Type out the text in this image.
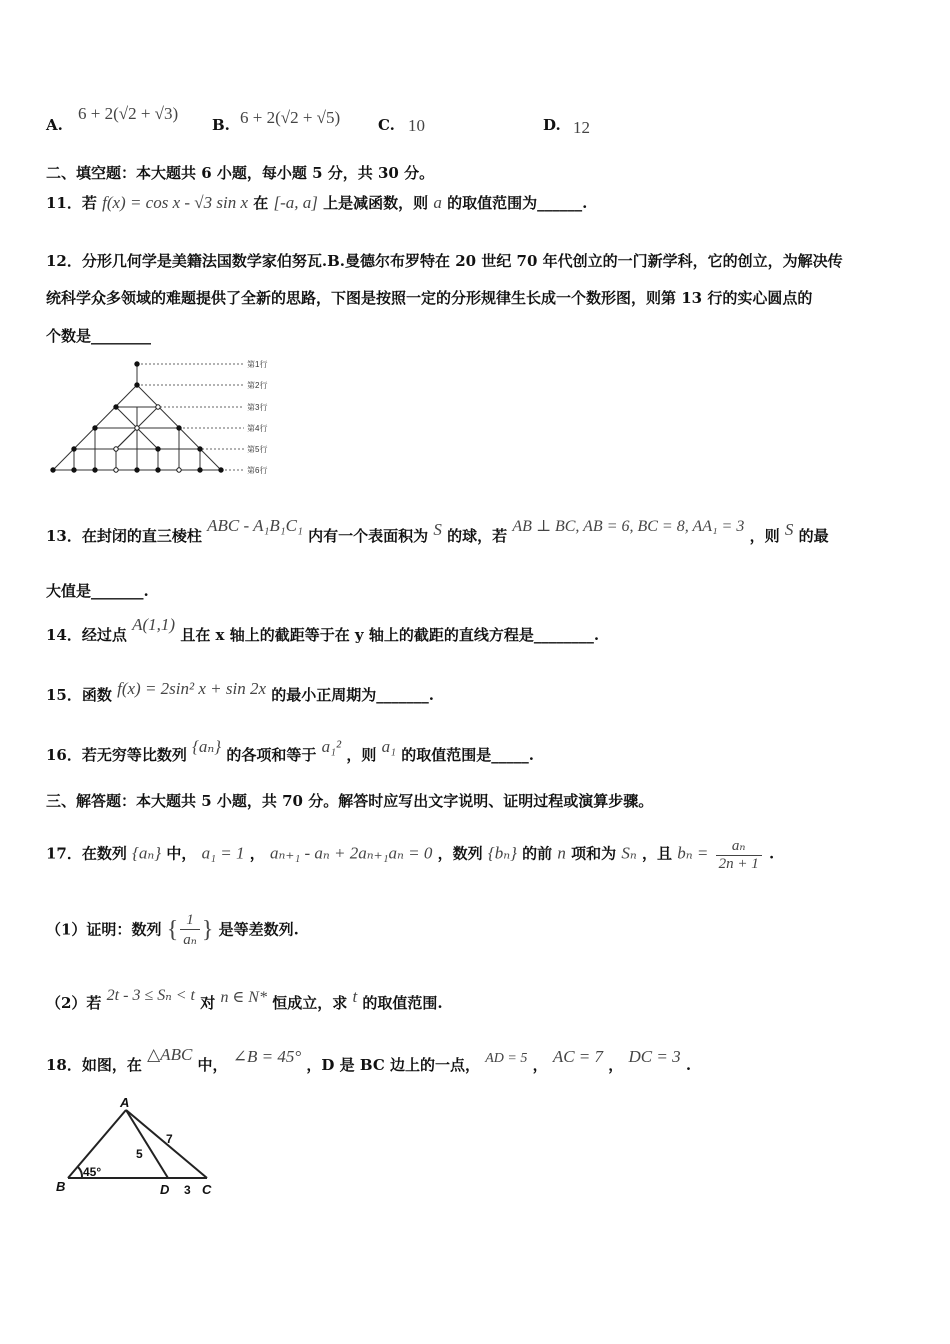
A.
6 + 2(√2 + √3)
B. 6 + 2(√2 + √5)	C. 10	D. 12
二、填空题：本大题共 6 小题，每小题 5 分，共 30 分。
11．若 f(x) = cos x - √3 sin x 在 [-a, a] 上是减函数，则 a 的取值范围为______.
12．分形几何学是美籍法国数学家伯努瓦.B.曼德尔布罗特在 20 世纪 70 年代创立的一门新学科，它的创立，为解决传
统科学众多领域的难题提供了全新的思路，下图是按照一定的分形规律生长成一个数形图，则第 13 行的实心圆点的
个数是________
第1行
第2行
第3行
第4行
第5行
第6行
13．在封闭的直三棱柱 ABC - A₁B₁C₁ 内有一个表面积为 S 的球，若 AB ⊥ BC, AB = 6, BC = 8, AA₁ = 3 ，则 S 的最
大值是_______.
14．经过点 A(1,1) 且在 x 轴上的截距等于在 y 轴上的截距的直线方程是________.
15．函数 f(x) = 2sin² x + sin 2x 的最小正周期为_______.
16．若无穷等比数列 {aₙ} 的各项和等于 a₁² ，则 a₁ 的取值范围是_____.
三、解答题：本大题共 5 小题，共 70 分。解答时应写出文字说明、证明过程或演算步骤。
17．在数列 {aₙ} 中， a₁ = 1 ， aₙ₊₁ - aₙ + 2aₙ₊₁aₙ = 0 ，数列 {bₙ} 的前 n 项和为 Sₙ ，且 $b_n = \frac{\text{aₙ}}{2n + 1}$ .
（1）证明：数列 { $\frac{1}{\text{aₙ}}$ } 是等差数列.
（2）若 2t - 3 ≤ Sₙ < t 对 n ∈ N* 恒成立，求 t 的取值范围.
18．如图，在 △ABC 中， ∠B = 45° ，D 是 BC 边上的一点， AD = 5 ， AC = 7 ， DC = 3 .
A
B	D	C
45°
5
7
3
